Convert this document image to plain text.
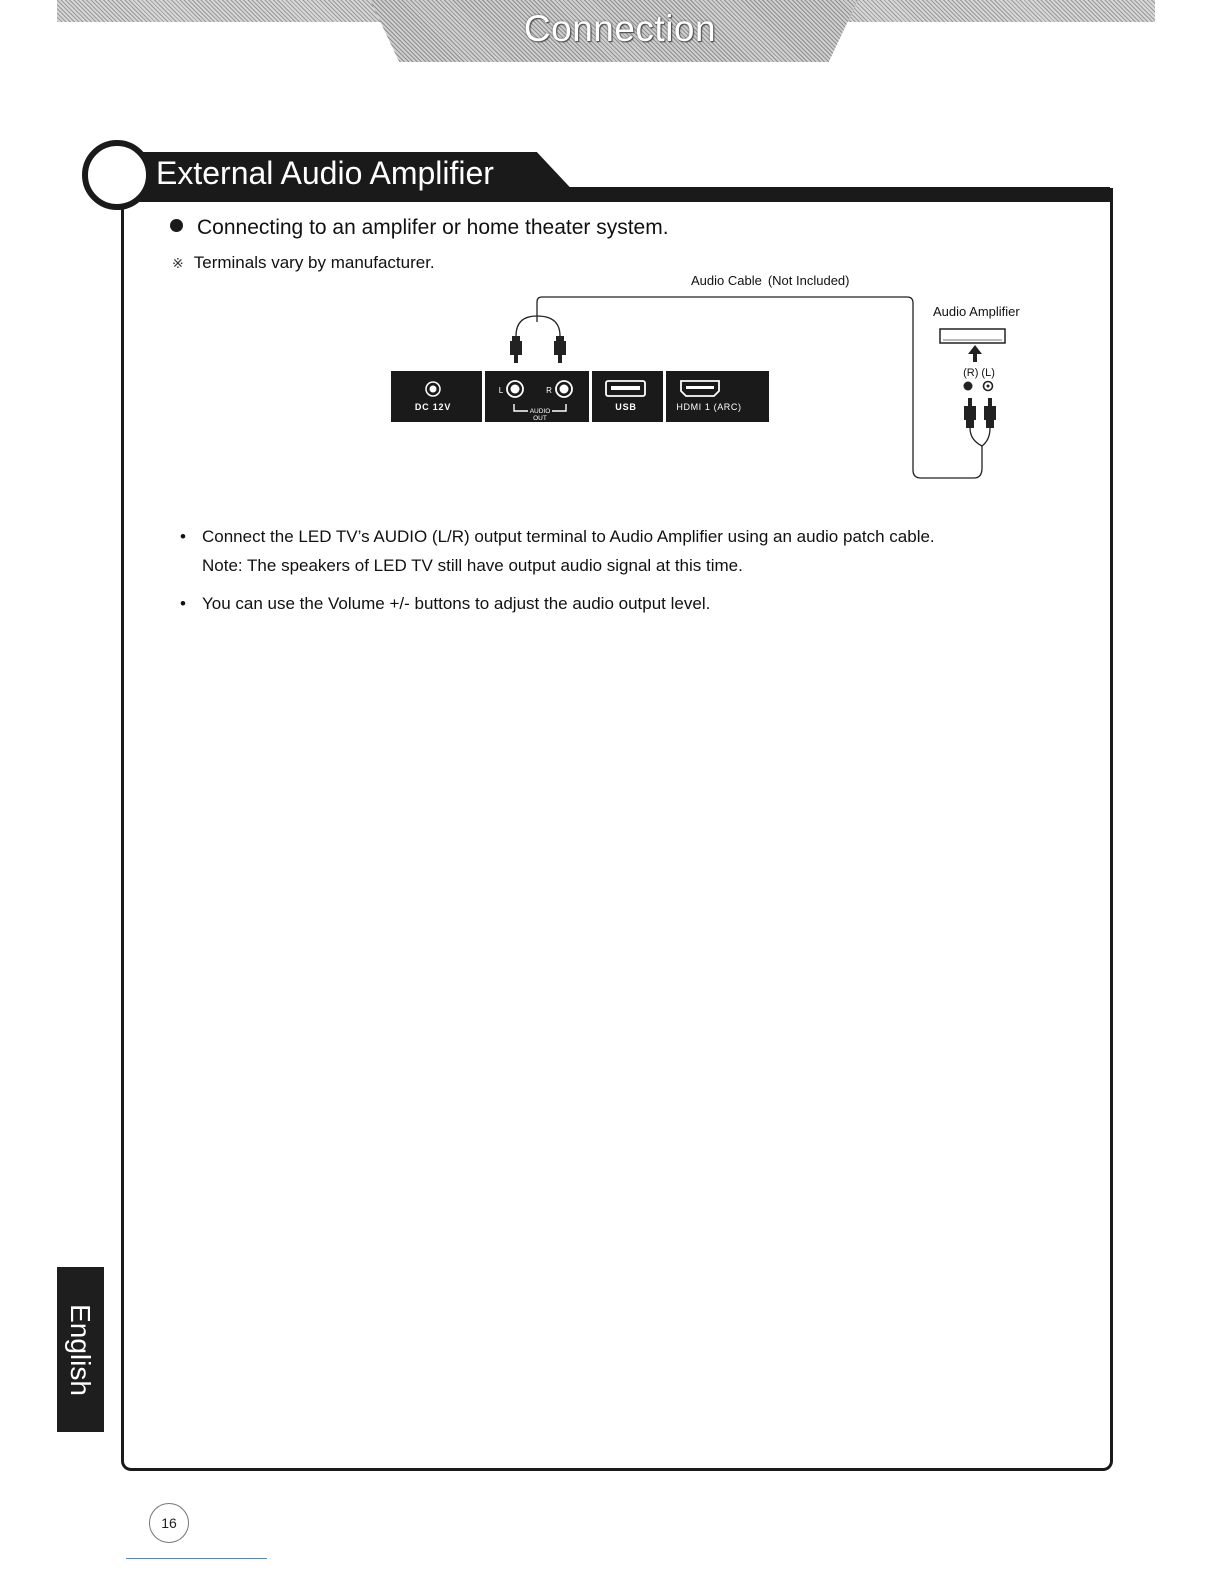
Connection
External Audio Amplifier
Connecting to an amplifer or home theater system.
※ Terminals vary by manufacturer.
DC 12V
L	R
AUDIO
OUT
USB	HDMI 1 (ARC)
Audio Cable (Not Included)
Audio Amplifier
(R) (L)
• Connect the LED TV’s AUDIO (L/R) output terminal to Audio Amplifier using an audio patch cable.
Note: The speakers of LED TV still have output audio signal at this time.
• You can use the Volume +/- buttons to adjust the audio output level.
English
16
